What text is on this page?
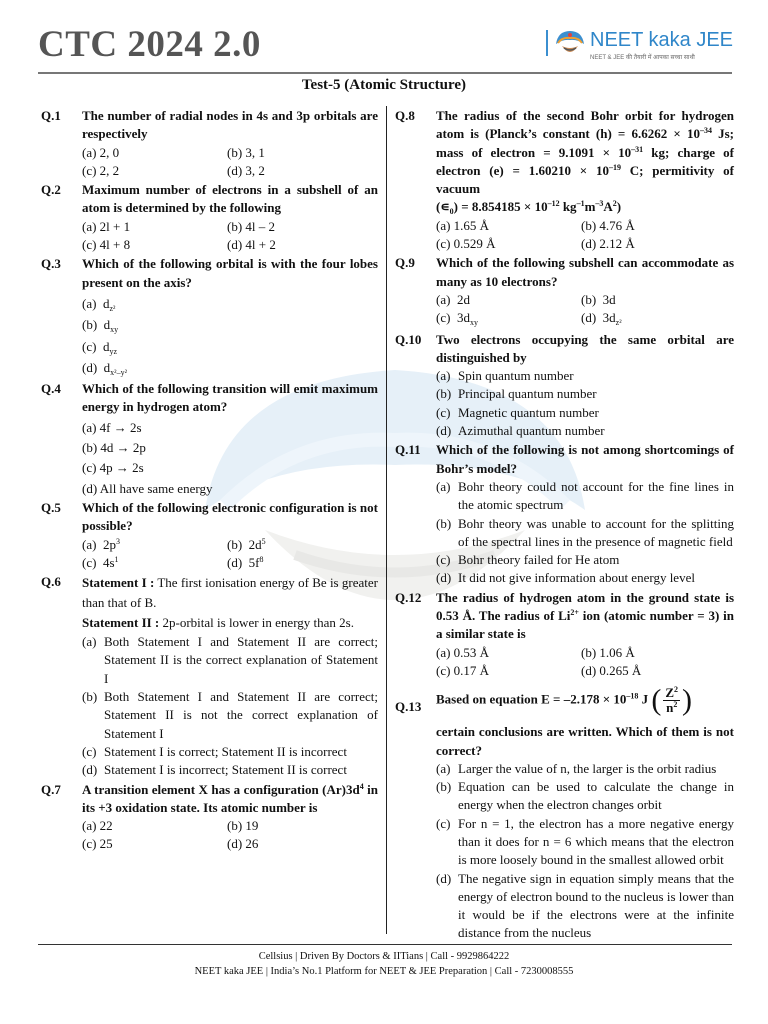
CTC 2024 2.0	NEET kaka JEE
NEET & JEE की तैयारी में आपका सच्चा साथी
Test-5 (Atomic Structure)
Q.1 The number of radial nodes in 4s and 3p orbitals are respectively
(a) 2, 0	(b) 3, 1
(c) 2, 2	(d) 3, 2
Q.2 Maximum number of electrons in a subshell of an atom is determined by the following
(a) 2l + 1	(b) 4l – 2
(c) 4l + 8	(d) 4l + 2
Q.3 Which of the following orbital is with the four lobes present on the axis?
(a) $d_{z^2}$
(b) $d_{xy}$
(c) $d_{yz}$
(d) $d_{x^2-y^2}$
Q.4 Which of the following transition will emit maximum energy in hydrogen atom?
(a) 4f → 2s
(b) 4d → 2p
(c) 4p → 2s
(d) All have same energy
Q.5 Which of the following electronic configuration is not possible?
(a) $2p^3$	(b) $2d^5$
(c) $4s^1$	(d) $5f^8$
Q.6 Statement I : The first ionisation energy of Be is greater than that of B.
Statement II : 2p-orbital is lower in energy than 2s.
(a) Both Statement I and Statement II are correct; Statement II is the correct explanation of Statement I
(b) Both Statement I and Statement II are correct; Statement II is not the correct explanation of Statement I
(c) Statement I is correct; Statement II is incorrect
(d) Statement I is incorrect; Statement II is correct
Q.7 A transition element X has a configuration $(Ar)3d^4$ in its +3 oxidation state. Its atomic number is
(a) 22	(b) 19
(c) 25	(d) 26
Q.8 The radius of the second Bohr orbit for hydrogen atom is (Planck’s constant $(h) = 6.6262 \times 10^{-34}$ Js; mass of electron = $9.1091 \times 10^{-31}$ kg; charge of electron $(e) = 1.60210 \times 10^{-19}$ C; permitivity of vacuum
$(∊_0) = 8.854185 \times 10^{-12}$ $kg^{-1}m^{-3}A^2$)
(a) 1.65 Å	(b) 4.76 Å
(c) 0.529 Å	(d) 2.12 Å
Q.9 Which of the following subshell can accommodate as many as 10 electrons?
(a) 2d	(b) 3d
(c) $3d_{xy}$	(d) $3d_{z^2}$
Q.10 Two electrons occupying the same orbital are distinguished by
(a) Spin quantum number
(b) Principal quantum number
(c) Magnetic quantum number
(d) Azimuthal quantum number
Q.11 Which of the following is not among shortcomings of Bohr’s model?
(a) Bohr theory could not account for the fine lines in the atomic spectrum
(b) Bohr theory was unable to account for the splitting of the spectral lines in the presence of magnetic field
(c) Bohr theory failed for He atom
(d) It did not give information about energy level
Q.12 The radius of hydrogen atom in the ground state is 0.53 Å. The radius of $Li^{2+}$ ion (atomic number = 3) in a similar state is
(a) 0.53 Å	(b) 1.06 Å
(c) 0.17 Å	(d) 0.265 Å
Q.13
Based on equation $E = -2.178 \times 10^{-18}$ J ( $\frac{Z^2}{n^2}$ )
certain conclusions are written. Which of them is not correct?
(a) Larger the value of n, the larger is the orbit radius
(b) Equation can be used to calculate the change in energy when the electron changes orbit
(c) For n = 1, the electron has a more negative energy than it does for n = 6 which means that the electron is more loosely bound in the smallest allowed orbit
(d) The negative sign in equation simply means that the energy of electron bound to the nucleus is lower than it would be if the electrons were at the infinite distance from the nucleus
Cellsius | Driven By Doctors & IITians | Call - 9929864222
NEET kaka JEE | India’s No.1 Platform for NEET & JEE Preparation | Call - 7230008555
